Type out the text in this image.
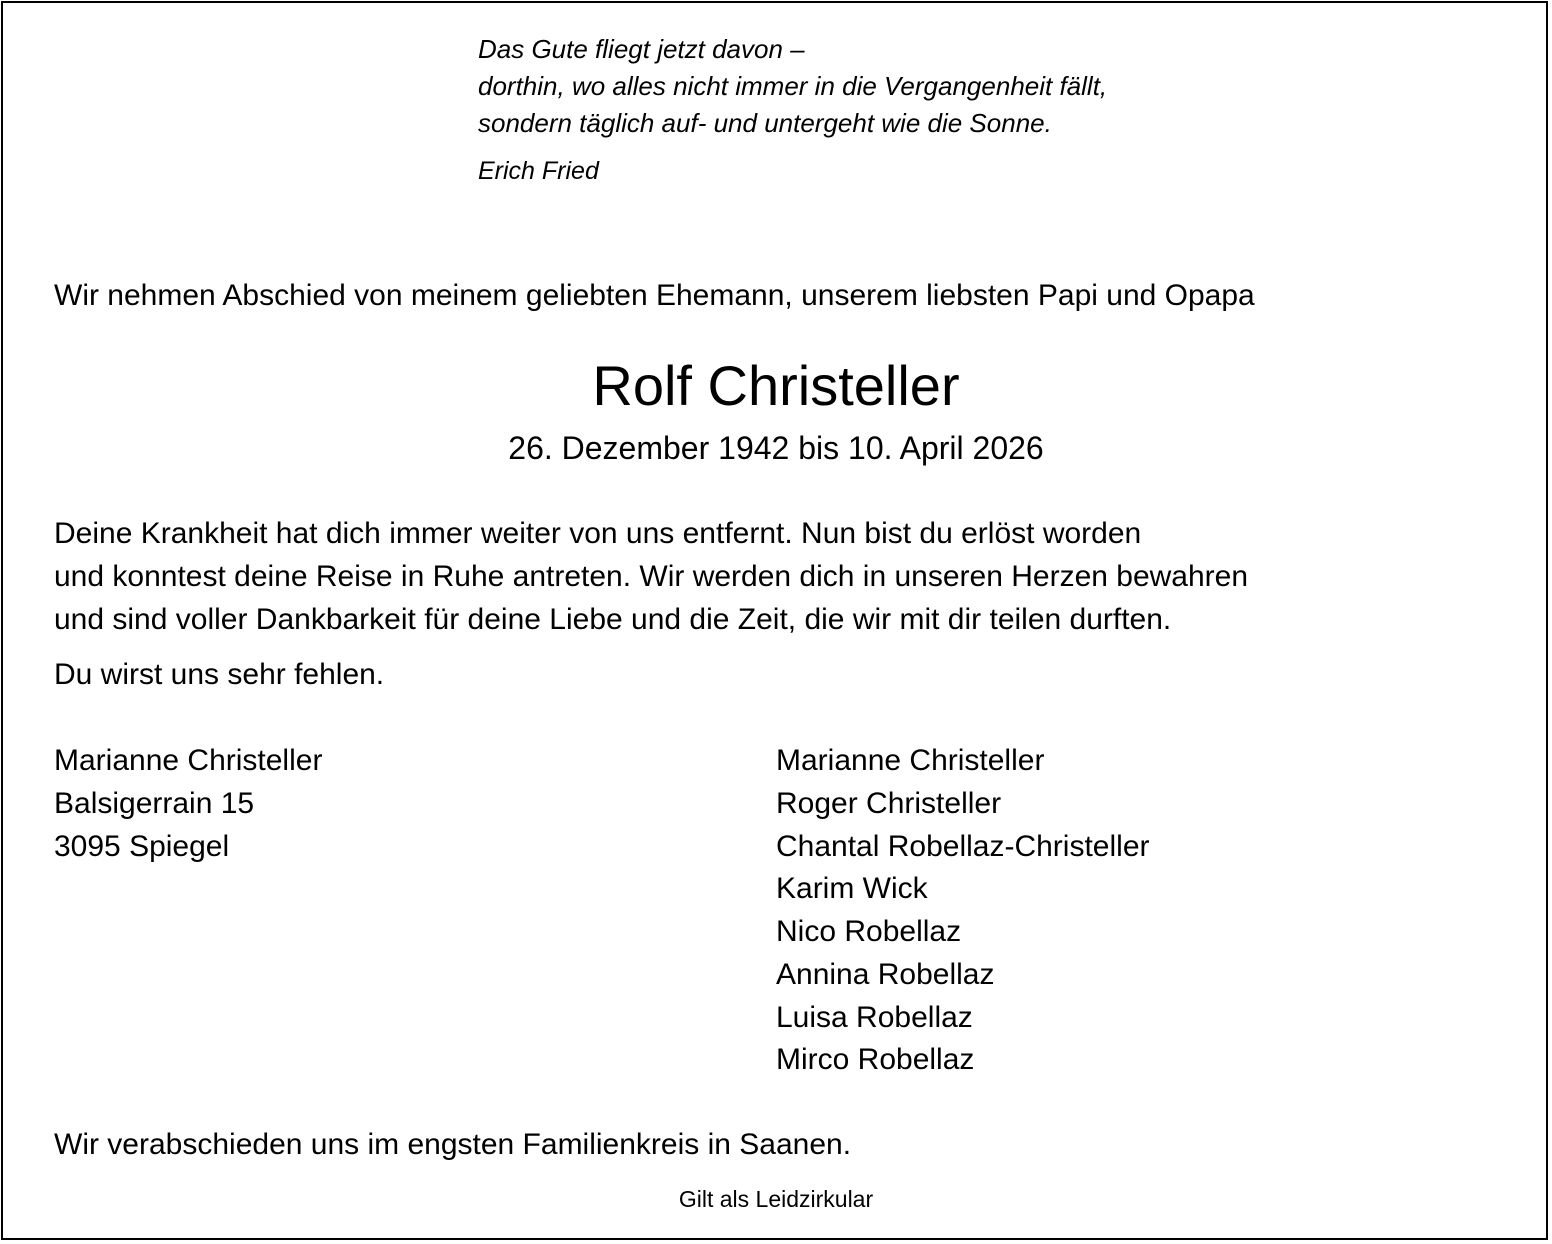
Das Gute fliegt jetzt davon –
dorthin, wo alles nicht immer in die Vergangenheit fällt,
sondern täglich auf- und untergeht wie die Sonne.
Erich Fried
Wir nehmen Abschied von meinem geliebten Ehemann, unserem liebsten Papi und Opapa
Rolf Christeller
26. Dezember 1942 bis 10. April 2026
Deine Krankheit hat dich immer weiter von uns entfernt. Nun bist du erlöst worden
und konntest deine Reise in Ruhe antreten. Wir werden dich in unseren Herzen bewahren
und sind voller Dankbarkeit für deine Liebe und die Zeit, die wir mit dir teilen durften.
Du wirst uns sehr fehlen.
Marianne Christeller
Balsigerrain 15
3095 Spiegel
Marianne Christeller
Roger Christeller
Chantal Robellaz-Christeller
Karim Wick
Nico Robellaz
Annina Robellaz
Luisa Robellaz
Mirco Robellaz
Wir verabschieden uns im engsten Familienkreis in Saanen.
Gilt als Leidzirkular
